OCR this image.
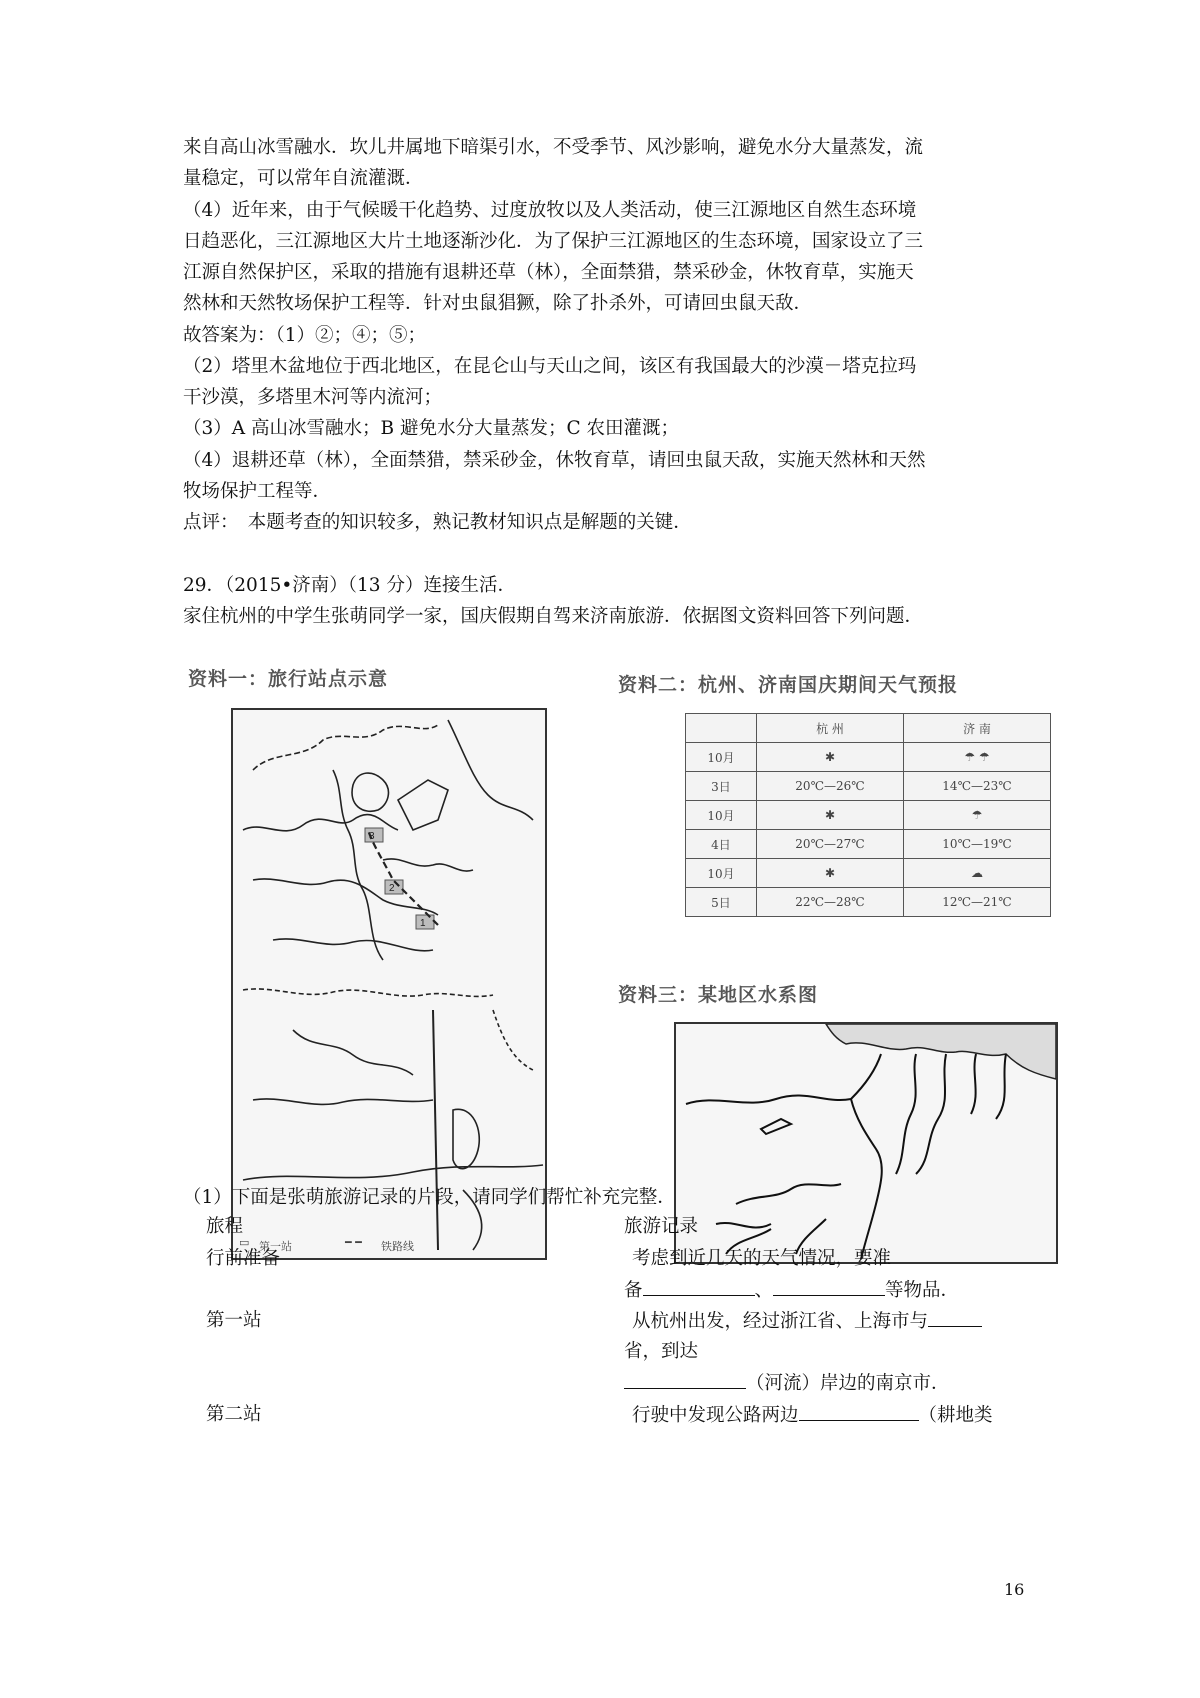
来自高山冰雪融水．坎儿井属地下暗渠引水，不受季节、风沙影响，避免水分大量蒸发，流
量稳定，可以常年自流灌溉．
（4）近年来，由于气候暖干化趋势、过度放牧以及人类活动，使三江源地区自然生态环境
日趋恶化，三江源地区大片土地逐渐沙化．为了保护三江源地区的生态环境，国家设立了三
江源自然保护区，采取的措施有退耕还草（林），全面禁猎，禁采砂金，休牧育草，实施天
然林和天然牧场保护工程等．针对虫鼠猖獗，除了扑杀外，可请回虫鼠天敌．
故答案为：（1）②；④；⑤；
（2）塔里木盆地位于西北地区，在昆仑山与天山之间，该区有我国最大的沙漠－塔克拉玛
干沙漠，多塔里木河等内流河；
（3）A 高山冰雪融水；B 避免水分大量蒸发；C 农田灌溉；
（4）退耕还草（林），全面禁猎，禁采砂金，休牧育草，请回虫鼠天敌，实施天然林和天然
牧场保护工程等．
点评：　本题考查的知识较多，熟记教材知识点是解题的关键．
29．（2015•济南）（13 分）连接生活．
家住杭州的中学生张萌同学一家，国庆假期自驾来济南旅游．依据图文资料回答下列问题．
资料一：旅行站点示意
3
2
1
▭ 第一站	━ ━ 铁路线
资料二：杭州、济南国庆期间天气预报
	杭 州	济 南
10月	✱	☂ ☂
3日	20℃—26℃	14℃—23℃
10月	✱	☂
4日	20℃—27℃	10℃—19℃
10月	✱	☁
5日	22℃—28℃	12℃—21℃
资料三：某地区水系图
（1）下面是张萌旅游记录的片段，请同学们帮忙补充完整．
旅程	旅游记录
行前准备	考虑到近几天的天气情况，要准
备	、	等物品．
第一站	从杭州出发，经过浙江省、上海市与
省，到达
（河流）岸边的南京市．
第二站	行驶中发现公路两边	（耕地类
16
